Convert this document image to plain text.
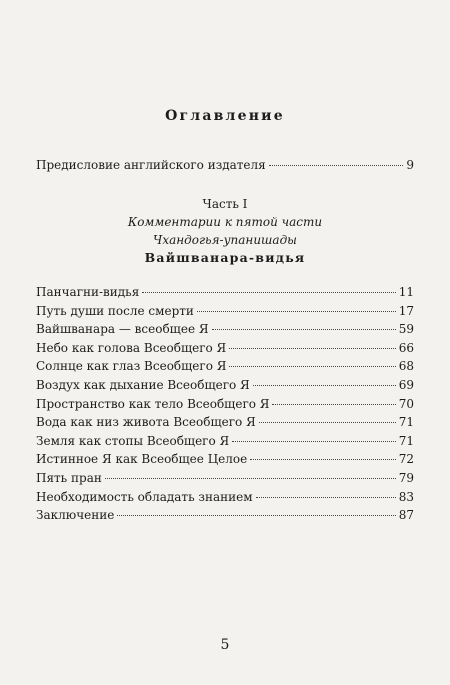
Оглавление
Предисловие английского издателя	9
Часть I
Комментарии к пятой части
Чхандогья-упанишады
Вайшванара-видья
Панчагни-видья	11
Путь души после смерти	17
Вайшванара — всеобщее Я	59
Небо как голова Всеобщего Я	66
Солнце как глаз Всеобщего Я	68
Воздух как дыхание Всеобщего Я	69
Пространство как тело Всеобщего Я	70
Вода как низ живота Всеобщего Я	71
Земля как стопы Всеобщего Я	71
Истинное Я как Всеобщее Целое	72
Пять пран	79
Необходимость обладать знанием	83
Заключение	87
5
